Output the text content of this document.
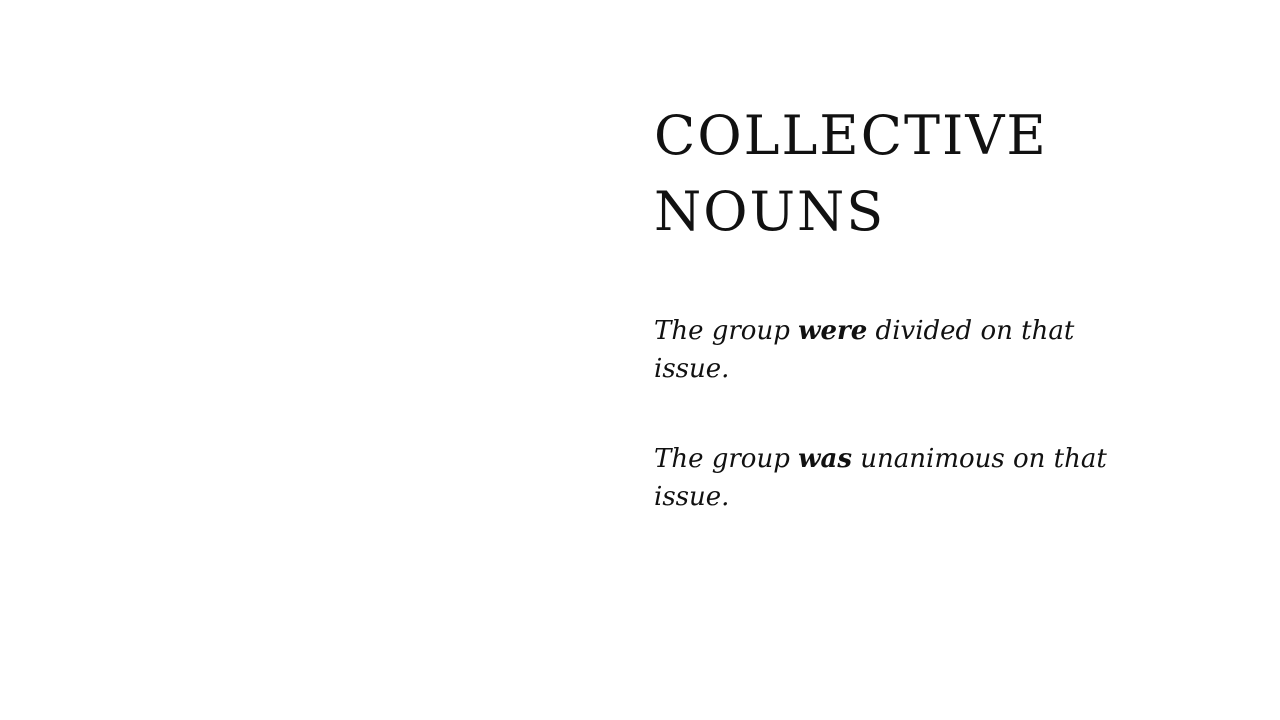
COLLECTIVE
NOUNS

The group were divided on that issue.

The group was unanimous on that issue.
